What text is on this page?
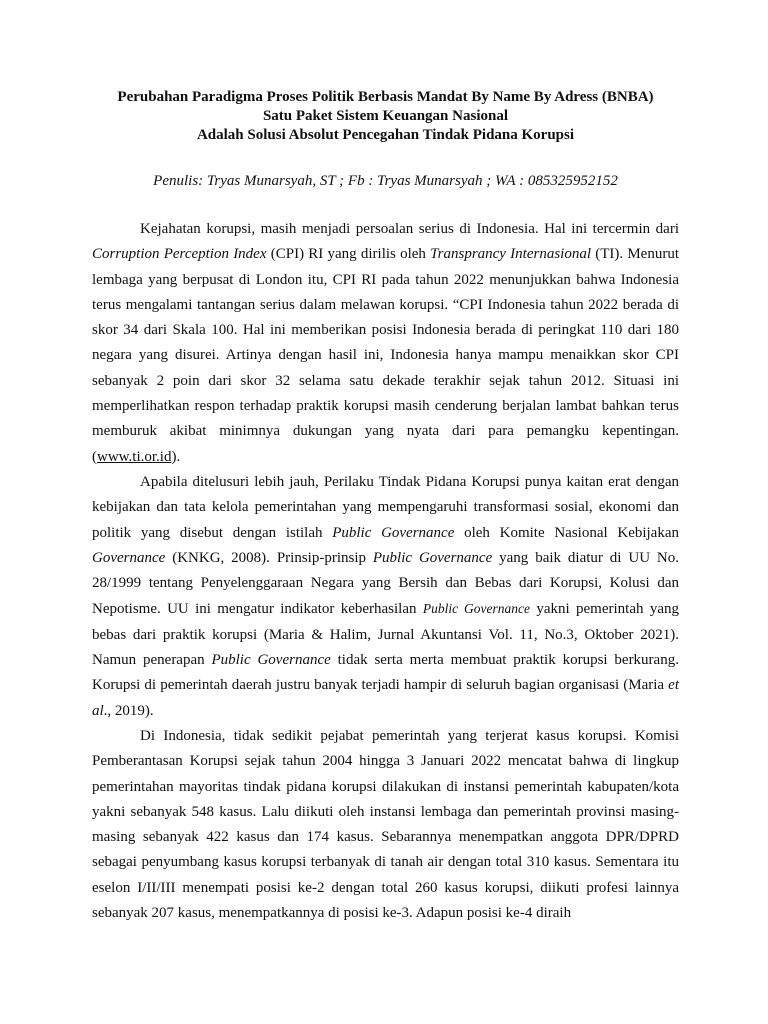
Perubahan Paradigma Proses Politik Berbasis Mandat By Name By Adress (BNBA)
Satu Paket Sistem Keuangan Nasional
Adalah Solusi Absolut Pencegahan Tindak Pidana Korupsi
Penulis: Tryas Munarsyah, ST ; Fb : Tryas Munarsyah ; WA : 085325952152

Kejahatan korupsi, masih menjadi persoalan serius di Indonesia. Hal ini tercermin dari Corruption Perception Index (CPI) RI yang dirilis oleh Transprancy Internasional (TI). Menurut lembaga yang berpusat di London itu, CPI RI pada tahun 2022 menunjukkan bahwa Indonesia terus mengalami tantangan serius dalam melawan korupsi. “CPI Indonesia tahun 2022 berada di skor 34 dari Skala 100. Hal ini memberikan posisi Indonesia berada di peringkat 110 dari 180 negara yang disurei. Artinya dengan hasil ini, Indonesia hanya mampu menaikkan skor CPI sebanyak 2 poin dari skor 32 selama satu dekade terakhir sejak tahun 2012. Situasi ini memperlihatkan respon terhadap praktik korupsi masih cenderung berjalan lambat bahkan terus memburuk akibat minimnya dukungan yang nyata dari para pemangku kepentingan. (www.ti.or.id).

Apabila ditelusuri lebih jauh, Perilaku Tindak Pidana Korupsi punya kaitan erat dengan kebijakan dan tata kelola pemerintahan yang mempengaruhi transformasi sosial, ekonomi dan politik yang disebut dengan istilah Public Governance oleh Komite Nasional Kebijakan Governance (KNKG, 2008). Prinsip-prinsip Public Governance yang baik diatur di UU No. 28/1999 tentang Penyelenggaraan Negara yang Bersih dan Bebas dari Korupsi, Kolusi dan Nepotisme. UU ini mengatur indikator keberhasilan Public Governance yakni pemerintah yang bebas dari praktik korupsi (Maria & Halim, Jurnal Akuntansi Vol. 11, No.3, Oktober 2021). Namun penerapan Public Governance tidak serta merta membuat praktik korupsi berkurang. Korupsi di pemerintah daerah justru banyak terjadi hampir di seluruh bagian organisasi (Maria et al., 2019).

Di Indonesia, tidak sedikit pejabat pemerintah yang terjerat kasus korupsi. Komisi Pemberantasan Korupsi sejak tahun 2004 hingga 3 Januari 2022 mencatat bahwa di lingkup pemerintahan mayoritas tindak pidana korupsi dilakukan di instansi pemerintah kabupaten/kota yakni sebanyak 548 kasus. Lalu diikuti oleh instansi lembaga dan pemerintah provinsi masing-masing sebanyak 422 kasus dan 174 kasus. Sebarannya menempatkan anggota DPR/DPRD sebagai penyumbang kasus korupsi terbanyak di tanah air dengan total 310 kasus. Sementara itu eselon I/II/III menempati posisi ke-2 dengan total 260 kasus korupsi, diikuti profesi lainnya sebanyak 207 kasus, menempatkannya di posisi ke-3. Adapun posisi ke-4 diraih
